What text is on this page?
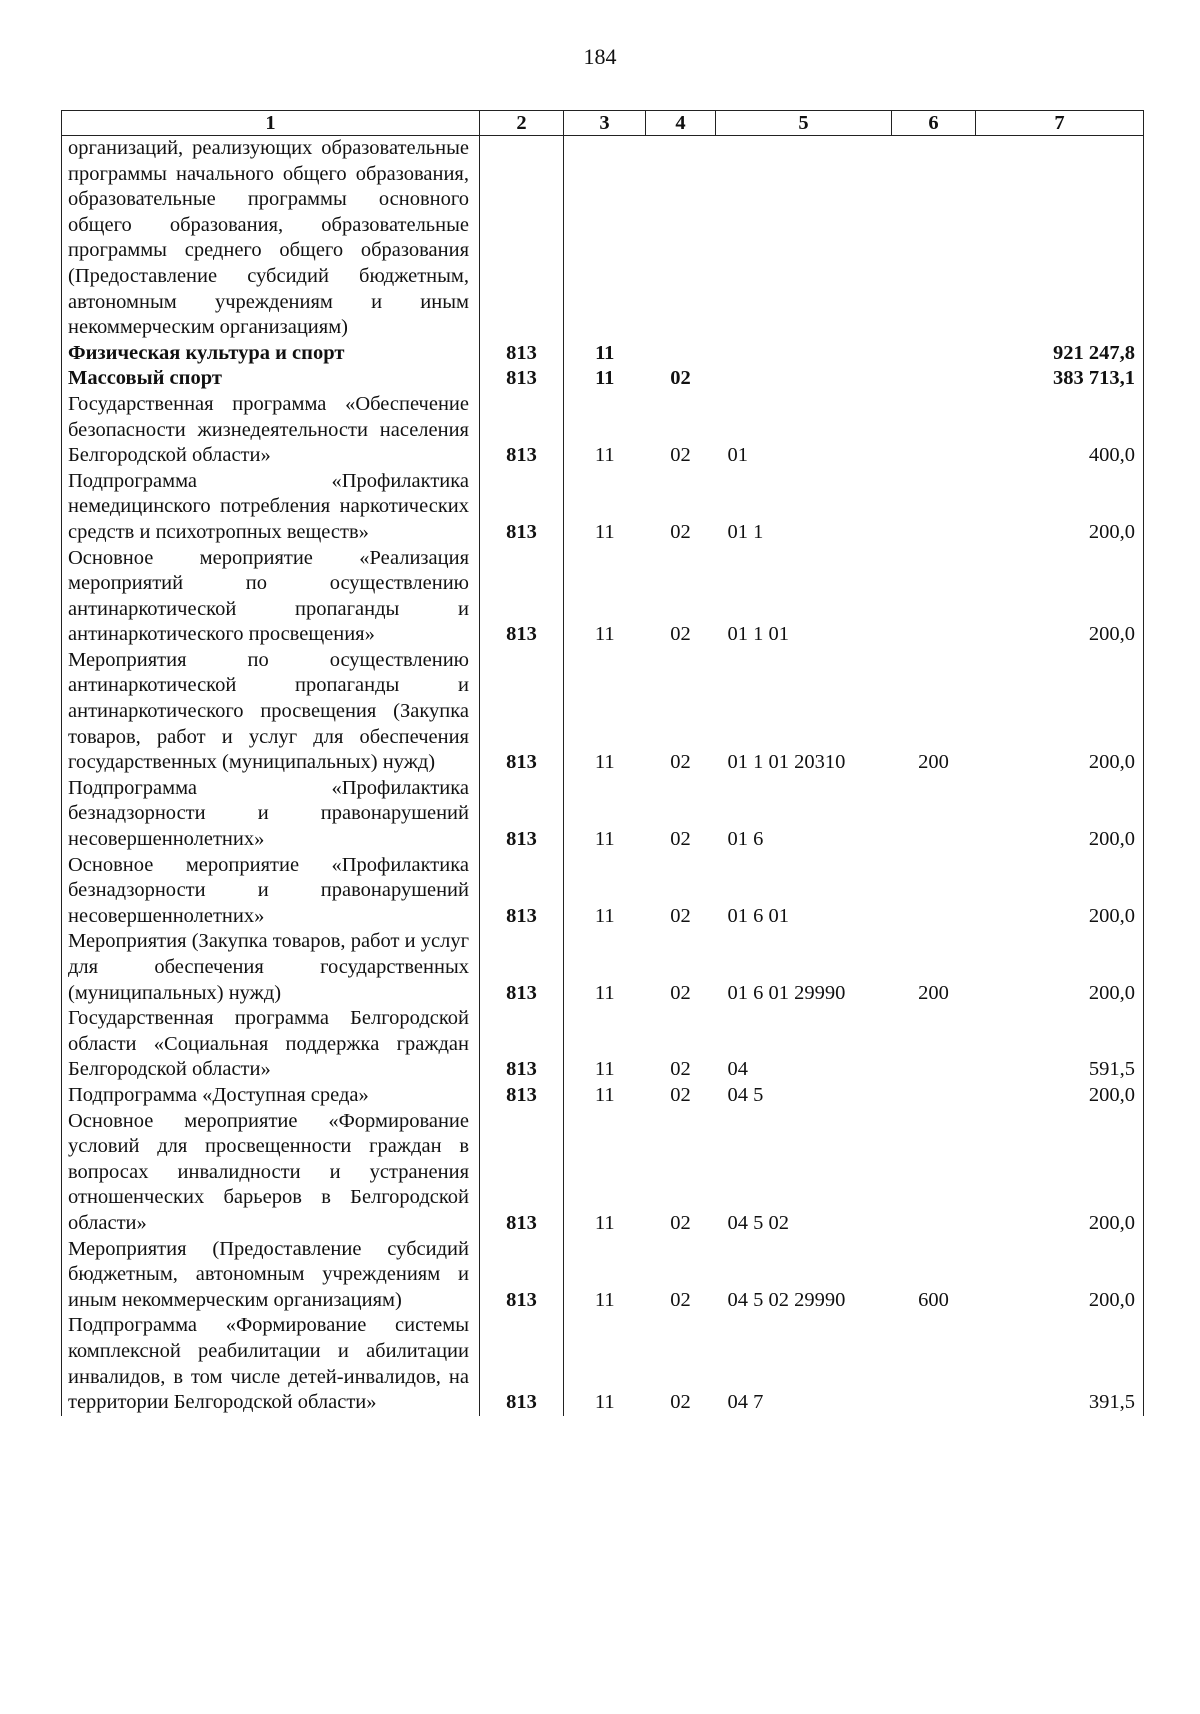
184
1	2	3	4	5	6	7
организаций, реализующих образовательные программы начального общего образования, образовательные программы основного общего образования, образовательные программы среднего общего образования (Предоставление субсидий бюджетным, автономным учреждениям и иным некоммерческим организациям)						
Физическая культура и спорт	813	11				921 247,8
Массовый спорт	813	11	02			383 713,1
Государственная программа «Обеспечение безопасности жизнедеятельности населения Белгородской области»	813	11	02	01		400,0
Подпрограмма «Профилактика немедицинского потребления наркотических средств и психотропных веществ»	813	11	02	01 1		200,0
Основное мероприятие «Реализация мероприятий по осуществлению антинаркотической пропаганды и антинаркотического просвещения»	813	11	02	01 1 01		200,0
Мероприятия по осуществлению антинаркотической пропаганды и антинаркотического просвещения (Закупка товаров, работ и услуг для обеспечения государственных (муниципальных) нужд)	813	11	02	01 1 01 20310	200	200,0
Подпрограмма «Профилактика безнадзорности и правонарушений несовершеннолетних»	813	11	02	01 6		200,0
Основное мероприятие «Профилактика безнадзорности и правонарушений несовершеннолетних»	813	11	02	01 6 01		200,0
Мероприятия (Закупка товаров, работ и услуг для обеспечения государственных (муниципальных) нужд)	813	11	02	01 6 01 29990	200	200,0
Государственная программа Белгородской области «Социальная поддержка граждан Белгородской области»	813	11	02	04		591,5
Подпрограмма «Доступная среда»	813	11	02	04 5		200,0
Основное мероприятие «Формирование условий для просвещенности граждан в вопросах инвалидности и устранения отношенческих барьеров в Белгородской области»	813	11	02	04 5 02		200,0
Мероприятия (Предоставление субсидий бюджетным, автономным учреждениям и иным некоммерческим организациям)	813	11	02	04 5 02 29990	600	200,0
Подпрограмма «Формирование системы комплексной реабилитации и абилитации инвалидов, в том числе детей-инвалидов, на территории Белгородской области»	813	11	02	04 7		391,5
